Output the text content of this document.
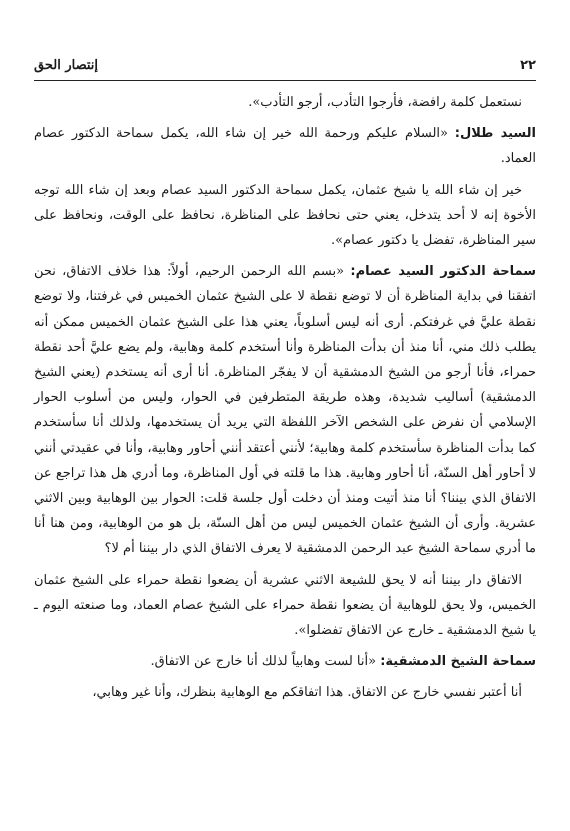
٢٢
إنتصار الحق

نستعمل كلمة رافضة، فأرجوا التأدب، أرجو التأدب».

السيد طلال: «السلام عليكم ورحمة الله خير إن شاء الله، يكمل سماحة الدكتور عصام العماد.

خير إن شاء الله يا شيخ عثمان، يكمل سماحة الدكتور السيد عصام وبعد إن شاء الله توجه الأخوة إنه لا أحد يتدخل، يعني حتى نحافظ على المناظرة، نحافظ على الوقت، ونحافظ على سير المناظرة، تفضل يا دكتور عصام».

سماحة الدكتور السيد عصام: «بسم الله الرحمن الرحيم، أولاً: هذا خلاف الاتفاق، نحن اتفقنا في بداية المناظرة أن لا توضع نقطة لا على الشيخ عثمان الخميس في غرفتنا، ولا توضع نقطة عليَّ في غرفتكم. أرى أنه ليس أسلوباً، يعني هذا على الشيخ عثمان الخميس ممكن أنه يطلب ذلك مني، أنا منذ أن بدأت المناظرة وأنا أستخدم كلمة وهابية، ولم يضع عليَّ أحد نقطة حمراء، فأنا أرجو من الشيخ الدمشقية أن لا يفجّر المناظرة. أنا أرى أنه يستخدم (يعني الشيخ الدمشقية) أساليب شديدة، وهذه طريقة المتطرفين في الحوار، وليس من أسلوب الحوار الإسلامي أن نفرض على الشخص الآخر اللفظة التي يريد أن يستخدمها، ولذلك أنا سأستخدم كما بدأت المناظرة سأستخدم كلمة وهابية؛ لأنني أعتقد أنني أحاور وهابية، وأنا في عقيدتي أنني لا أحاور أهل السنّة، أنا أحاور وهابية. هذا ما قلته في أول المناظرة، وما أدري هل هذا تراجع عن الاتفاق الذي بيننا؟ أنا منذ أتيت ومنذ أن دخلت أول جلسة قلت: الحوار بين الوهابية وبين الاثني عشرية. وأرى أن الشيخ عثمان الخميس ليس من أهل السنّة، بل هو من الوهابية، ومن هنا أنا ما أدري سماحة الشيخ عبد الرحمن الدمشقية لا يعرف الاتفاق الذي دار بيننا أم لا؟

الاتفاق دار بيننا أنه لا يحق للشيعة الاثني عشرية أن يضعوا نقطة حمراء على الشيخ عثمان الخميس، ولا يحق للوهابية أن يضعوا نقطة حمراء على الشيخ عصام العماد، وما صنعته اليوم ـ يا شيخ الدمشقية ـ خارج عن الاتفاق تفضلوا».

سماحة الشيخ الدمشقية: «أنا لست وهابياً لذلك أنا خارج عن الاتفاق.

أنا أعتبر نفسي خارج عن الاتفاق. هذا اتفاقكم مع الوهابية بنظرك، وأنا غير وهابي،
